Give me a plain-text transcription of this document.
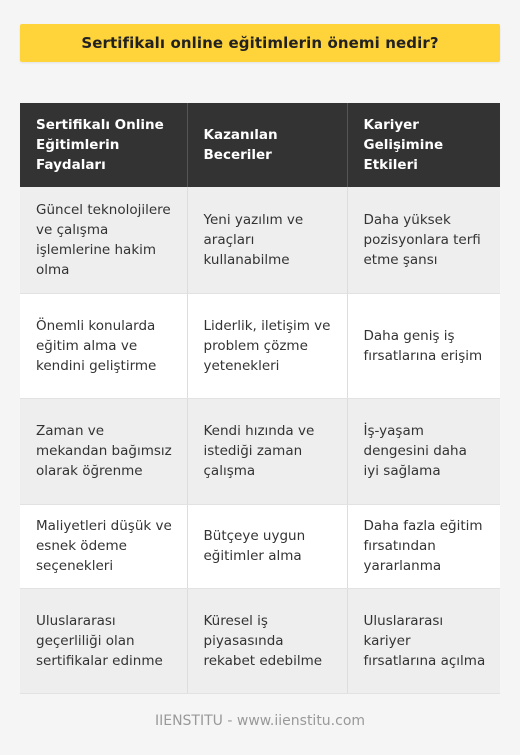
Sertifikalı online eğitimlerin önemi nedir?
Sertifikalı Online Eğitimlerin Faydaları	Kazanılan Beceriler	Kariyer Gelişimine Etkileri
Güncel teknolojilere ve çalışma işlemlerine hakim olma	Yeni yazılım ve araçları kullanabilme	Daha yüksek pozisyonlara terfi etme şansı
Önemli konularda eğitim alma ve kendini geliştirme	Liderlik, iletişim ve problem çözme yetenekleri	Daha geniş iş fırsatlarına erişim
Zaman ve mekandan bağımsız olarak öğrenme	Kendi hızında ve istediği zaman çalışma	İş-yaşam dengesini daha iyi sağlama
Maliyetleri düşük ve esnek ödeme seçenekleri	Bütçeye uygun eğitimler alma	Daha fazla eğitim fırsatından yararlanma
Uluslararası geçerliliği olan sertifikalar edinme	Küresel iş piyasasında rekabet edebilme	Uluslararası kariyer fırsatlarına açılma
IIENSTITU - www.iienstitu.com
